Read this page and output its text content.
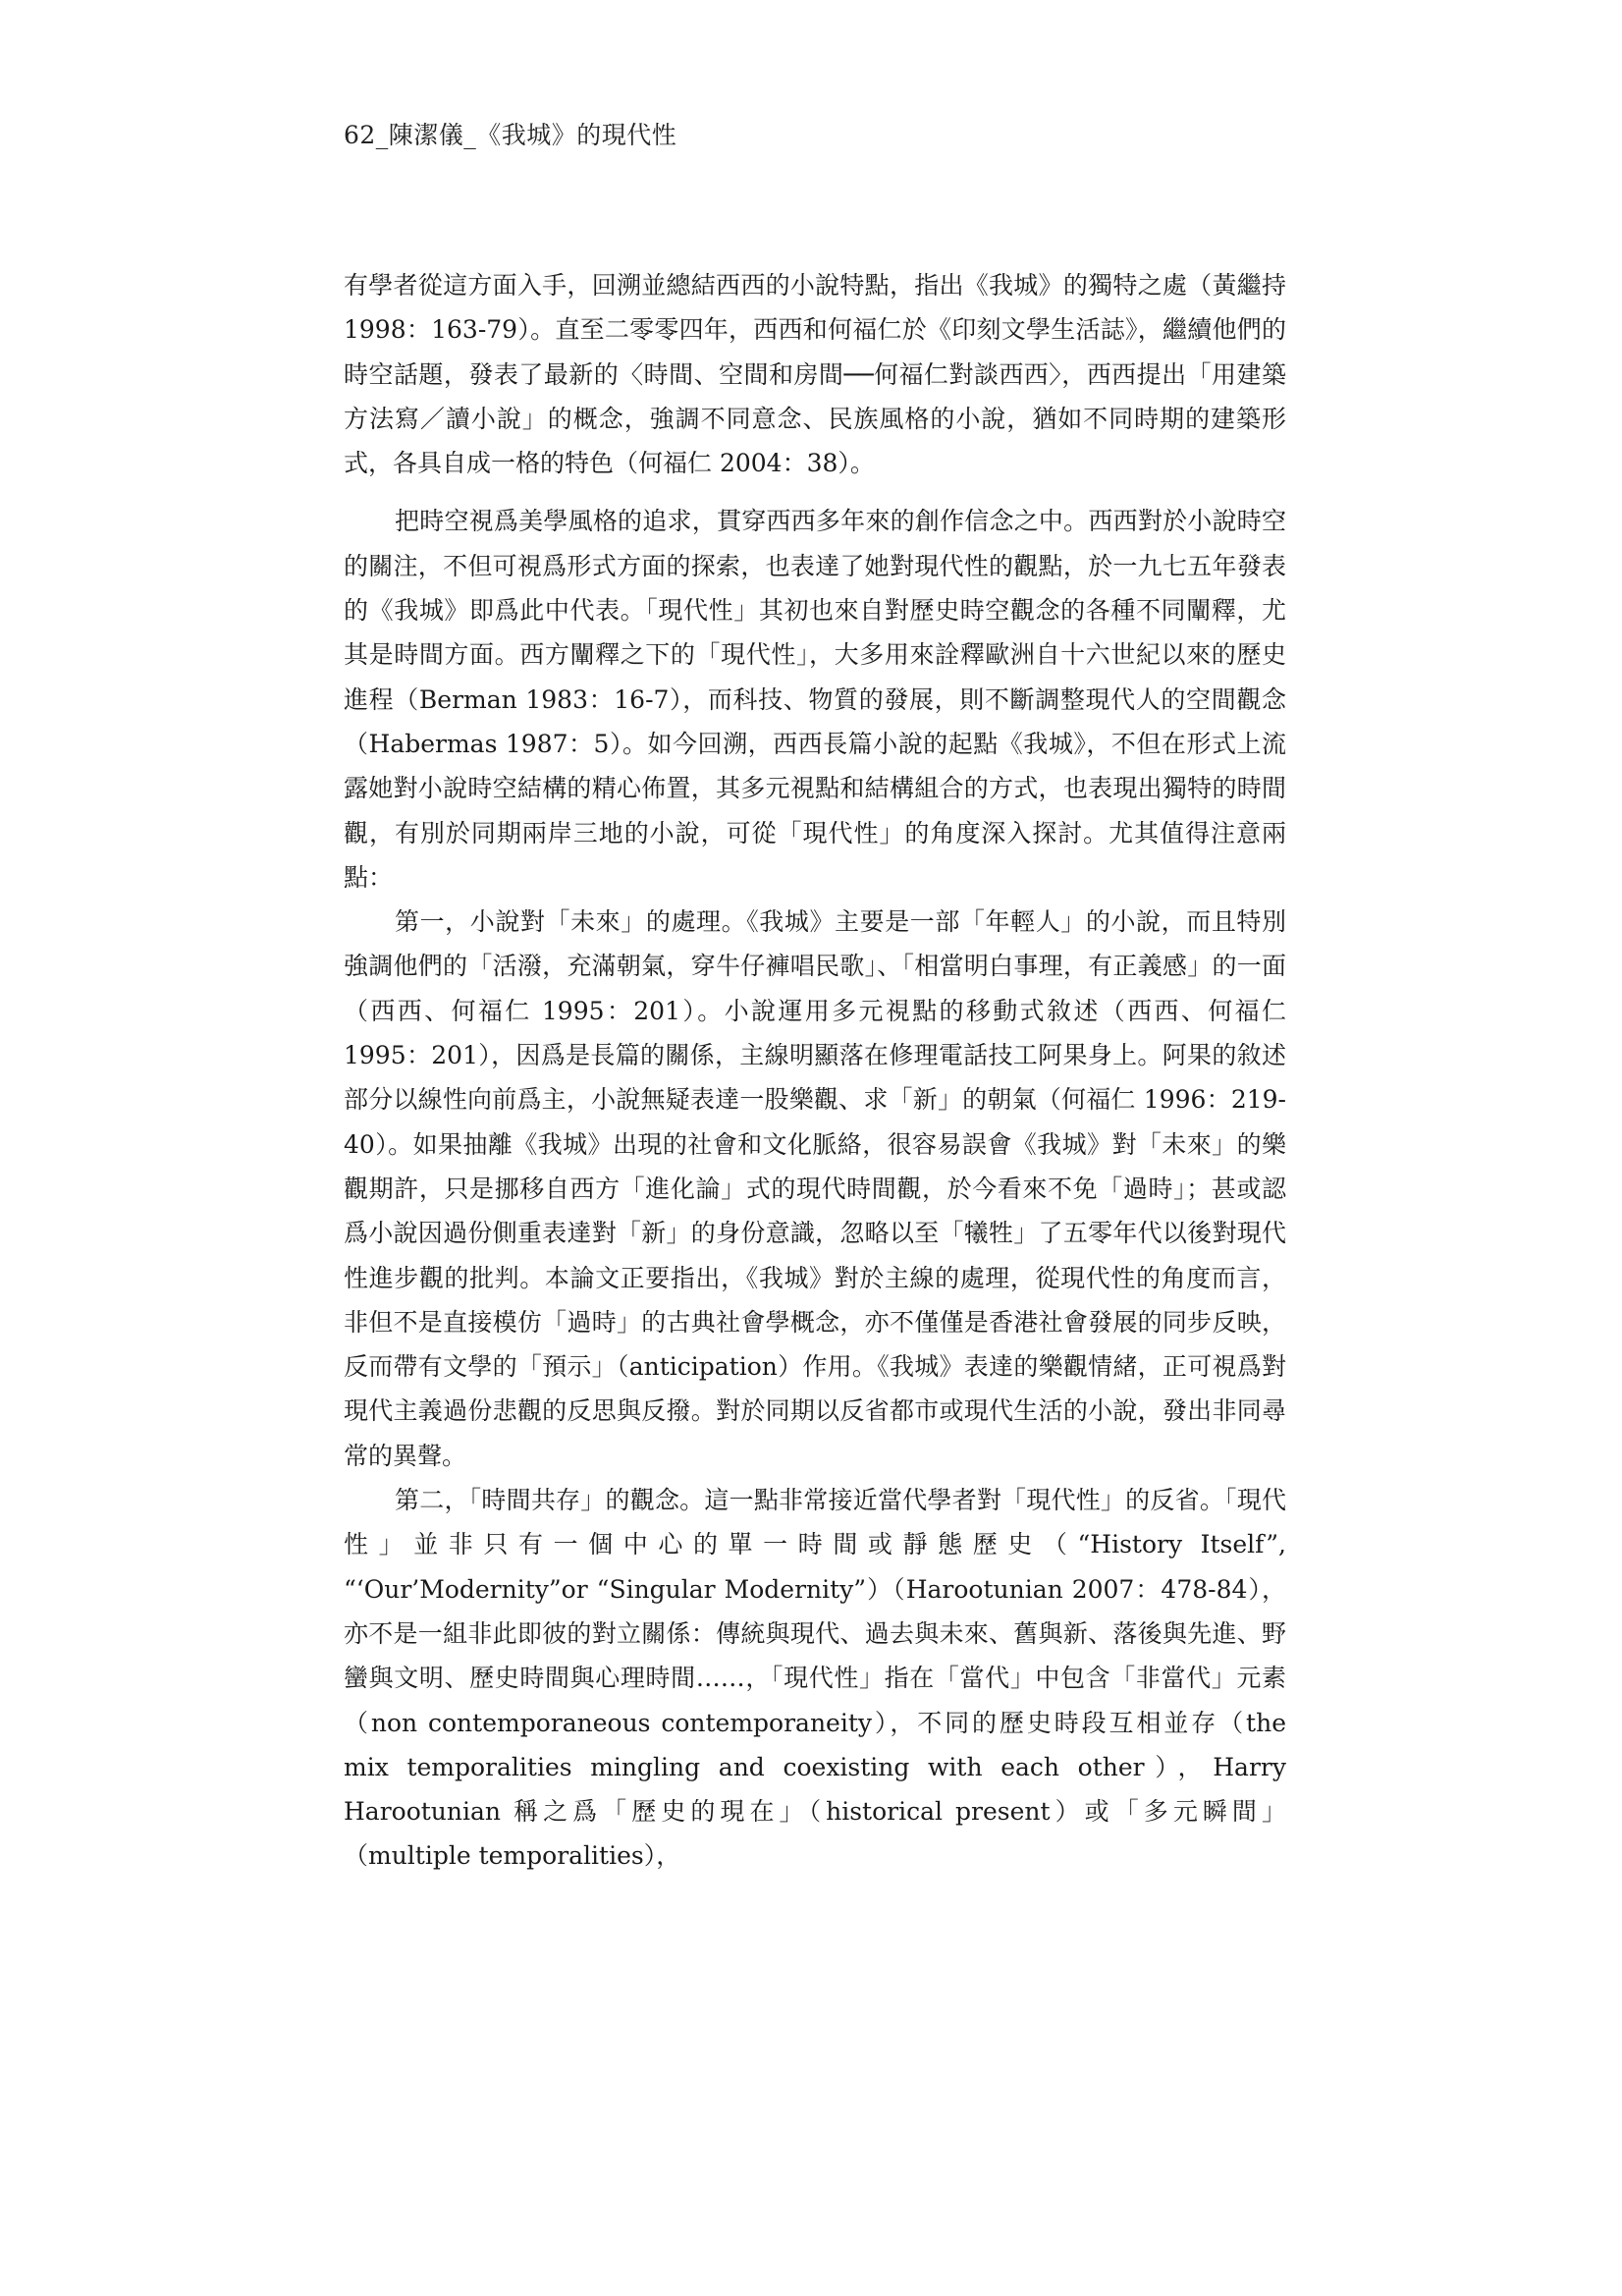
62_陳潔儀_《我城》的現代性

有學者從這方面入手，回溯並總結西西的小說特點，指出《我城》的獨特之處（黃繼持 1998：163-79）。直至二零零四年，西西和何福仁於《印刻文學生活誌》，繼續他們的時空話題，發表了最新的〈時間、空間和房間──何福仁對談西西〉，西西提出「用建築方法寫／讀小說」的概念，強調不同意念、民族風格的小說，猶如不同時期的建築形式，各具自成一格的特色（何福仁 2004：38）。

把時空視爲美學風格的追求，貫穿西西多年來的創作信念之中。西西對於小說時空的關注，不但可視爲形式方面的探索，也表達了她對現代性的觀點，於一九七五年發表的《我城》即爲此中代表。「現代性」其初也來自對歷史時空觀念的各種不同闡釋，尤其是時間方面。西方闡釋之下的「現代性」，大多用來詮釋歐洲自十六世紀以來的歷史進程（Berman 1983：16-7），而科技、物質的發展，則不斷調整現代人的空間觀念（Habermas 1987：5）。如今回溯，西西長篇小說的起點《我城》，不但在形式上流露她對小說時空結構的精心佈置，其多元視點和結構組合的方式，也表現出獨特的時間觀，有別於同期兩岸三地的小說，可從「現代性」的角度深入探討。尤其值得注意兩點：

第一，小說對「未來」的處理。《我城》主要是一部「年輕人」的小說，而且特別強調他們的「活潑，充滿朝氣，穿牛仔褲唱民歌」、「相當明白事理，有正義感」的一面（西西、何福仁 1995：201）。小說運用多元視點的移動式敘述（西西、何福仁 1995：201），因爲是長篇的關係，主線明顯落在修理電話技工阿果身上。阿果的敘述部分以線性向前爲主，小說無疑表達一股樂觀、求「新」的朝氣（何福仁 1996：219-40）。如果抽離《我城》出現的社會和文化脈絡，很容易誤會《我城》對「未來」的樂觀期許，只是挪移自西方「進化論」式的現代時間觀，於今看來不免「過時」；甚或認爲小說因過份側重表達對「新」的身份意識，忽略以至「犧牲」了五零年代以後對現代性進步觀的批判。本論文正要指出，《我城》對於主線的處理，從現代性的角度而言，非但不是直接模仿「過時」的古典社會學概念，亦不僅僅是香港社會發展的同步反映，反而帶有文學的「預示」（anticipation）作用。《我城》表達的樂觀情緒，正可視爲對現代主義過份悲觀的反思與反撥。對於同期以反省都市或現代生活的小說，發出非同尋常的異聲。

第二，「時間共存」的觀念。這一點非常接近當代學者對「現代性」的反省。「現代性」並非只有一個中心的單一時間或靜態歷史（“History Itself”, “‘Our’Modernity”or “Singular Modernity”）（Harootunian 2007：478-84），亦不是一組非此即彼的對立關係：傳統與現代、過去與未來、舊與新、落後與先進、野蠻與文明、歷史時間與心理時間……，「現代性」指在「當代」中包含「非當代」元素（non contemporaneous contemporaneity），不同的歷史時段互相並存（the mix temporalities mingling and coexisting with each other），Harry Harootunian 稱之爲「歷史的現在」（historical present）或「多元瞬間」（multiple temporalities），
